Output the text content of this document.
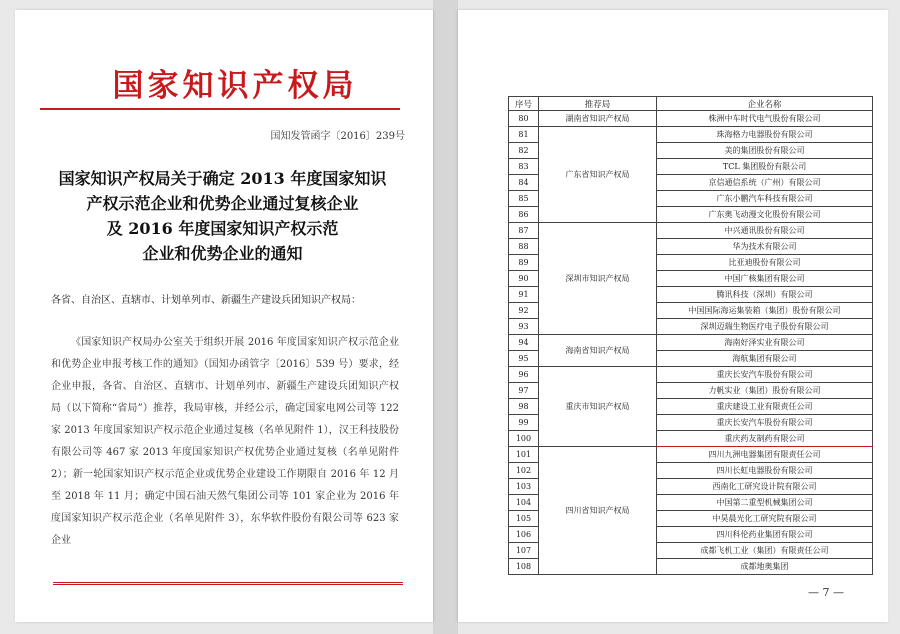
国家知识产权局
国知发管函字〔2016〕239号
国家知识产权局关于确定 2013 年度国家知识
产权示范企业和优势企业通过复核企业
及 2016 年度国家知识产权示范
企业和优势企业的通知
各省、自治区、直辖市、计划单列市、新疆生产建设兵团知识产权局：
《国家知识产权局办公室关于组织开展 2016 年度国家知识产权示范企业和优势企业申报考核工作的通知》（国知办函管字〔2016〕539 号）要求，经企业申报，各省、自治区、直辖市、计划单列市、新疆生产建设兵团知识产权局（以下简称“省局”）推荐，我局审核，并经公示，确定国家电网公司等 122 家 2013 年度国家知识产权示范企业通过复核（名单见附件 1），汉王科技股份有限公司等 467 家 2013 年度国家知识产权优势企业通过复核（名单见附件 2）；新一轮国家知识产权示范企业或优势企业建设工作期限自 2016 年 12 月至 2018 年 11 月；确定中国石油天然气集团公司等 101 家企业为 2016 年度国家知识产权示范企业（名单见附件 3），东华软件股份有限公司等 623 家企业
序号	推荐局	企业名称
80	湖南省知识产权局	株洲中车时代电气股份有限公司
81	广东省知识产权局	珠海格力电器股份有限公司
82		美的集团股份有限公司
83		TCL 集团股份有限公司
84		京信通信系统（广州）有限公司
85		广东小鹏汽车科技有限公司
86		广东奥飞动漫文化股份有限公司
87	深圳市知识产权局	中兴通讯股份有限公司
88		华为技术有限公司
89		比亚迪股份有限公司
90		中国广核集团有限公司
91		腾讯科技（深圳）有限公司
92		中国国际海运集装箱（集团）股份有限公司
93		深圳迈瑞生物医疗电子股份有限公司
94	海南省知识产权局	海南好泽实业有限公司
95		海航集团有限公司
96	重庆市知识产权局	重庆长安汽车股份有限公司
97		力帆实业（集团）股份有限公司
98		重庆建设工业有限责任公司
99		重庆长安汽车股份有限公司
100		重庆药友制药有限公司
101	四川省知识产权局	四川九洲电器集团有限责任公司
102		四川长虹电器股份有限公司
103		西南化工研究设计院有限公司
104		中国第二重型机械集团公司
105		中昊晨光化工研究院有限公司
106		四川科伦药业集团有限公司
107		成都飞机工业（集团）有限责任公司
108		成都地奥集团
— 7 —
